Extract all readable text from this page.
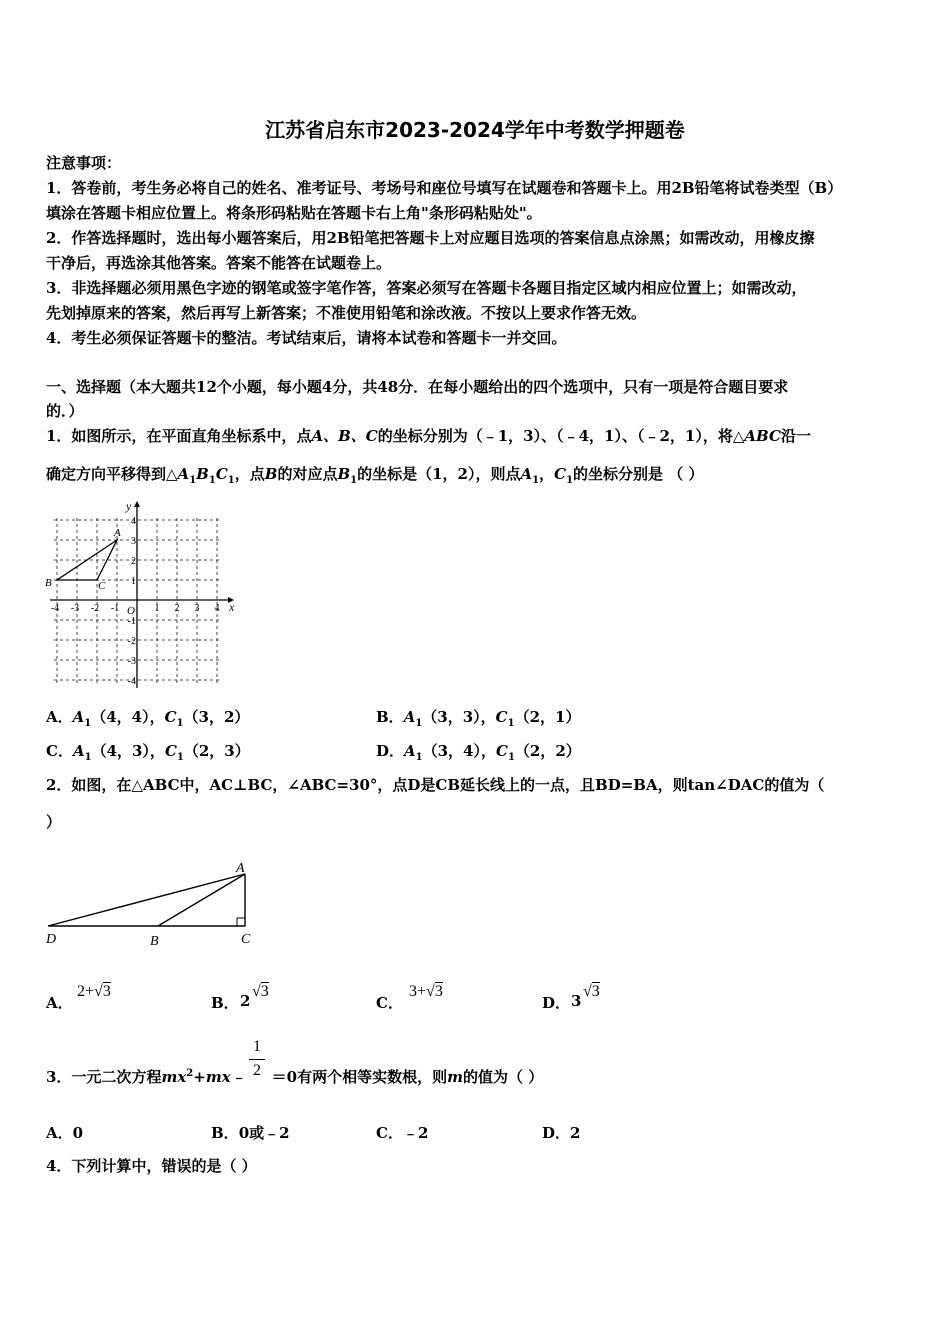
江苏省启东市2023-2024学年中考数学押题卷
注意事项：
1．答卷前，考生务必将自己的姓名、准考证号、考场号和座位号填写在试题卷和答题卡上。用2B铅笔将试卷类型（B）
填涂在答题卡相应位置上。将条形码粘贴在答题卡右上角"条形码粘贴处"。
2．作答选择题时，选出每小题答案后，用2B铅笔把答题卡上对应题目选项的答案信息点涂黑；如需改动，用橡皮擦
干净后，再选涂其他答案。答案不能答在试题卷上。
3．非选择题必须用黑色字迹的钢笔或签字笔作答，答案必须写在答题卡各题目指定区域内相应位置上；如需改动，
先划掉原来的答案，然后再写上新答案；不准使用铅笔和涂改液。不按以上要求作答无效。
4．考生必须保证答题卡的整洁。考试结束后，请将本试卷和答题卡一并交回。
一、选择题（本大题共12个小题，每小题4分，共48分．在每小题给出的四个选项中，只有一项是符合题目要求
的．）
1．如图所示，在平面直角坐标系中，点A、B、C的坐标分别为（﹣1，3）、（﹣4，1）、（﹣2，1），将△ABC沿一
确定方向平移得到$\triangle A_1B_1C_1$，点B的对应点$B_1$的坐标是（1，2），则点$A_1$，$C_1$的坐标分别是 （ ）
y
x
O
-4 -3 -2 -1	1 2 3 4
4
3
2
1
-1
-2
-3
-4
A
B	C
A．$A_1(4$，4），$C_1(3$，2）	B．$A_1(3$，3），$C_1(2$，1）
C．$A_1(4$，3），$C_1(2$，3）	D．$A_1(3$，4），$C_1(2$，2）
2．如图，在△ABC中，AC⊥BC，∠ABC=30°，点D是CB延长线上的一点，且BD=BA，则tan∠DAC的值为（
）
A
B	C
D
A．
2+√3
B． 2
√3
C．
3+√3
D． 3
√3
3．一元二次方程$mx^2+mx﹣ =0$有两个相等实数根，则m的值为（ ）
$\frac{1}{2}$
A．0	B．0或﹣2	C．﹣2	D．2
4．下列计算中，错误的是（ ）
